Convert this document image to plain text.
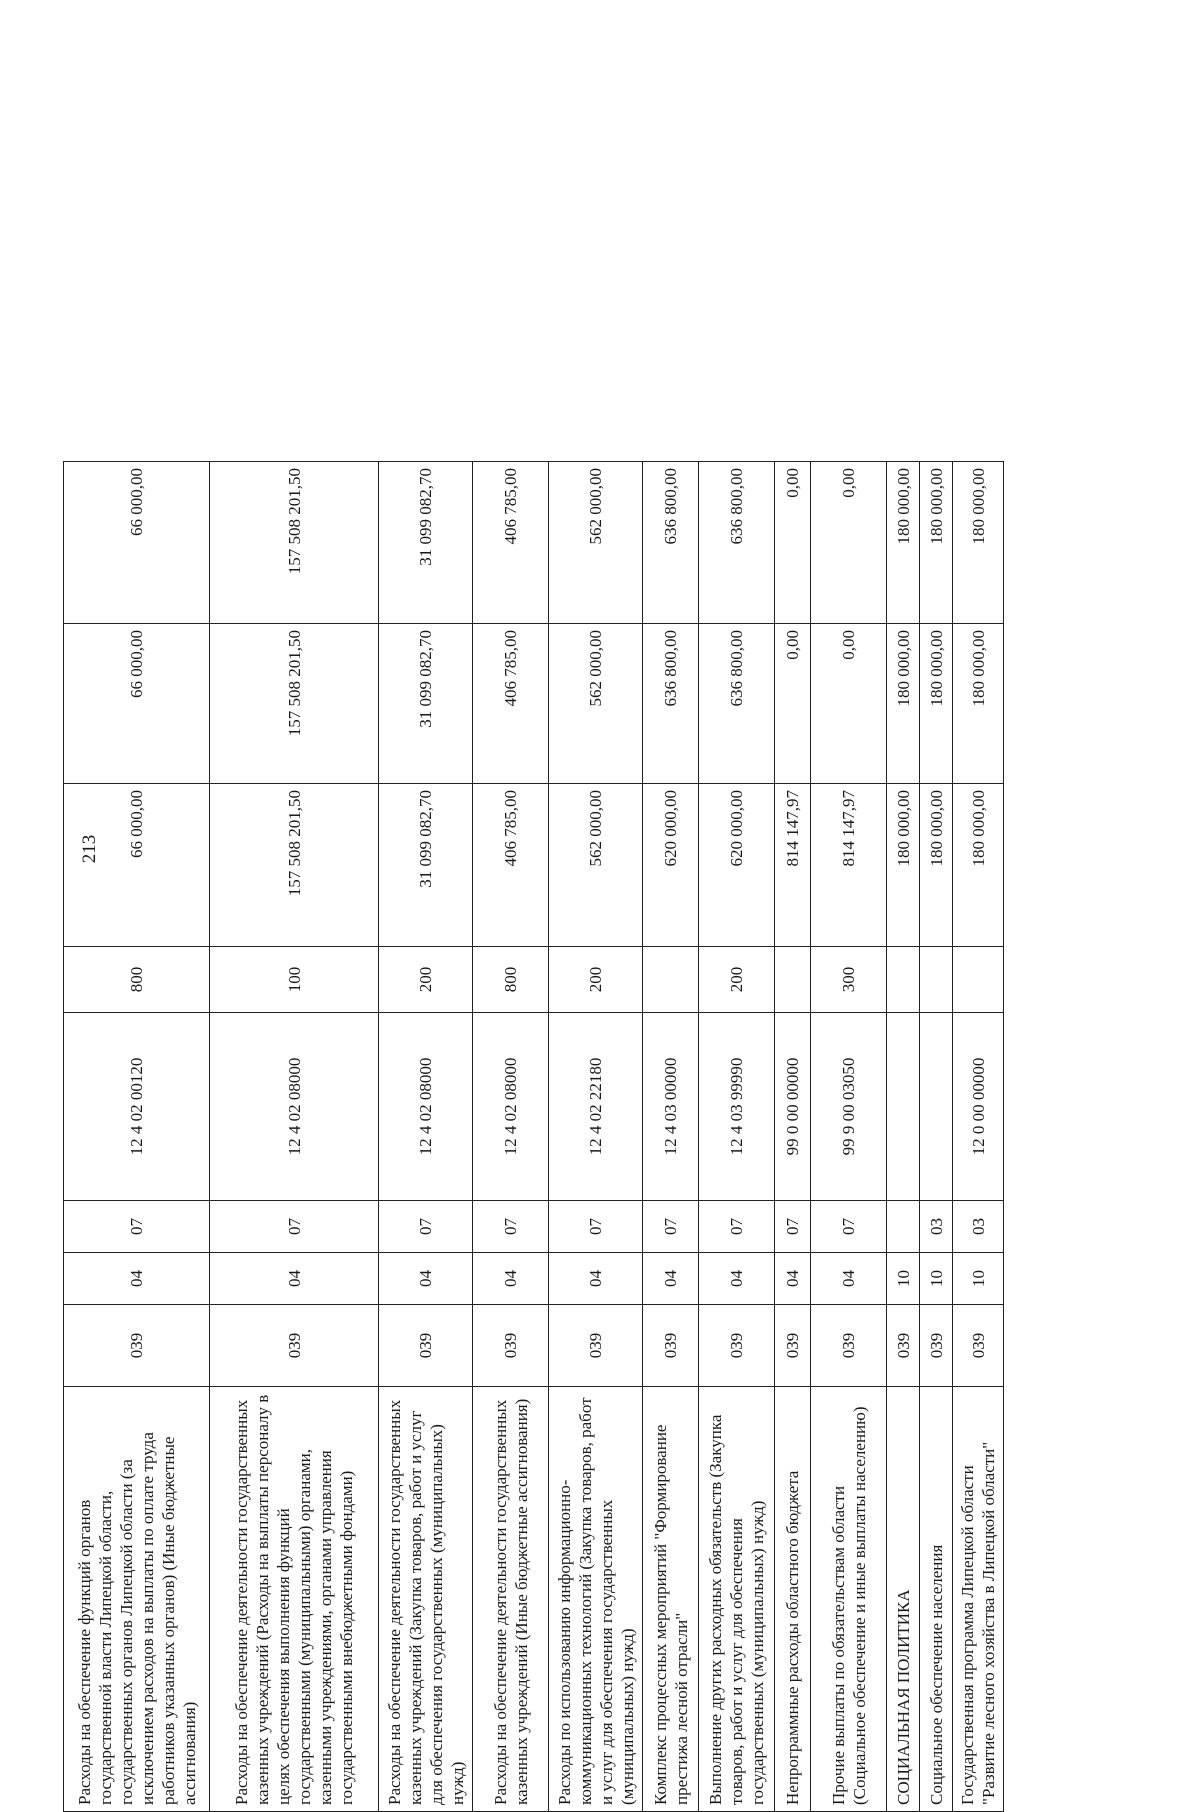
213
Расходы на обеспечение функций органов государственной власти Липецкой области, государственных органов Липецкой области (за исключением расходов на выплаты по оплате труда работников указанных органов) (Иные бюджетные ассигнования)	039	04	07	12 4 02 00120	800	66 000,00	66 000,00	66 000,00
Расходы на обеспечение деятельности государственных казенных учреждений (Расходы на выплаты персоналу в целях обеспечения выполнения функций государственными (муниципальными) органами, казенными учреждениями, органами управления государственными внебюджетными фондами)	039	04	07	12 4 02 08000	100	157 508 201,50	157 508 201,50	157 508 201,50
Расходы на обеспечение деятельности государственных казенных учреждений (Закупка товаров, работ и услуг для обеспечения государственных (муниципальных) нужд)	039	04	07	12 4 02 08000	200	31 099 082,70	31 099 082,70	31 099 082,70
Расходы на обеспечение деятельности государственных казенных учреждений (Иные бюджетные ассигнования)	039	04	07	12 4 02 08000	800	406 785,00	406 785,00	406 785,00
Расходы по использованию информационно-коммуникационных технологий (Закупка товаров, работ и услуг для обеспечения государственных (муниципальных) нужд)	039	04	07	12 4 02 22180	200	562 000,00	562 000,00	562 000,00
Комплекс процессных мероприятий "Формирование престижа лесной отрасли"	039	04	07	12 4 03 00000		620 000,00	636 800,00	636 800,00
Выполнение других расходных обязательств (Закупка товаров, работ и услуг для обеспечения государственных (муниципальных) нужд)	039	04	07	12 4 03 99990	200	620 000,00	636 800,00	636 800,00
Непрограммные расходы областного бюджета	039	04	07	99 0 00 00000		814 147,97	0,00	0,00
Прочие выплаты по обязательствам области (Социальное обеспечение и иные выплаты населению)	039	04	07	99 9 00 03050	300	814 147,97	0,00	0,00
СОЦИАЛЬНАЯ ПОЛИТИКА	039	10				180 000,00	180 000,00	180 000,00
Социальное обеспечение населения	039	10	03			180 000,00	180 000,00	180 000,00
Государственная программа Липецкой области "Развитие лесного хозяйства в Липецкой области"	039	10	03	12 0 00 00000		180 000,00	180 000,00	180 000,00
